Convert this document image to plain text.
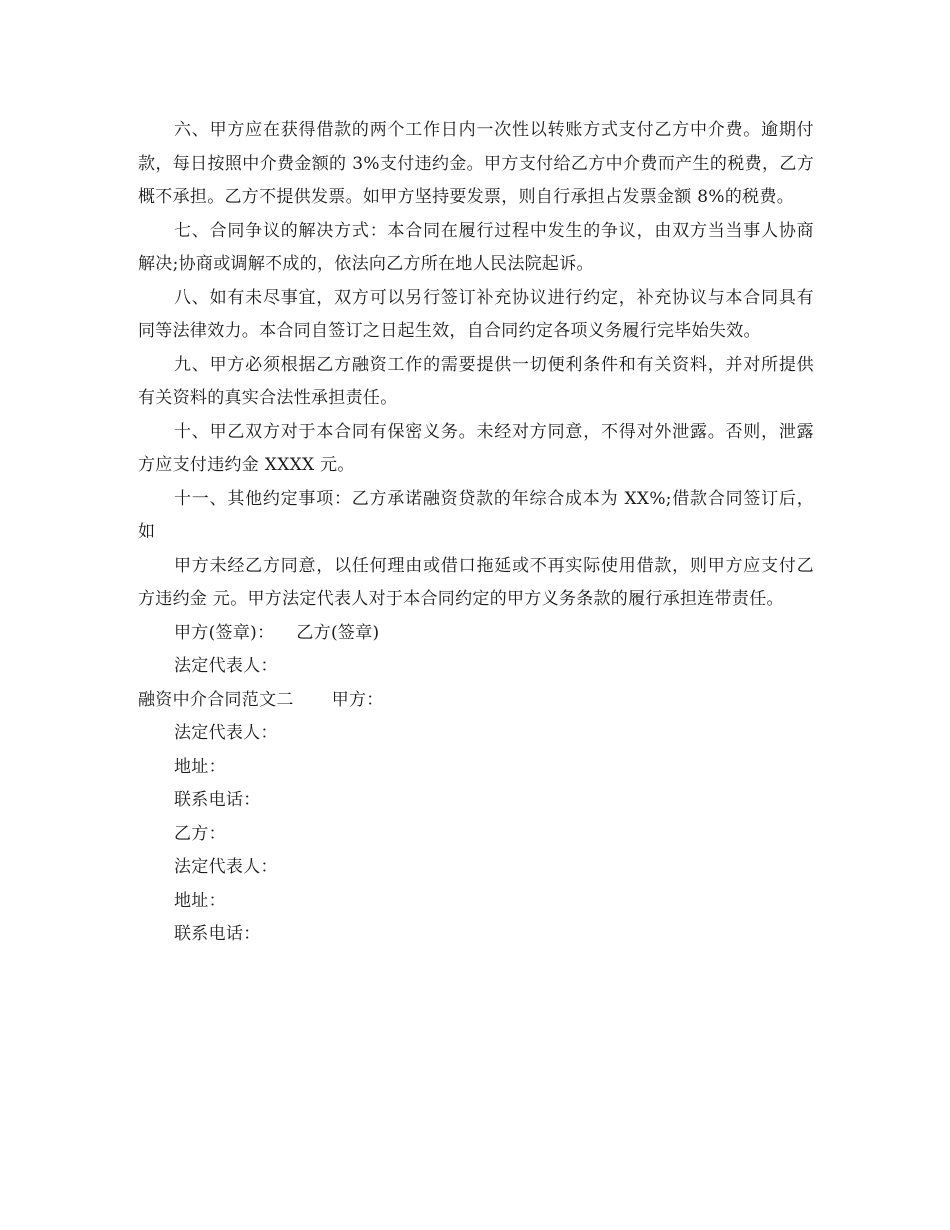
六、甲方应在获得借款的两个工作日内一次性以转账方式支付乙方中介费。逾期付款，每日按照中介费金额的 3%支付违约金。甲方支付给乙方中介费而产生的税费，乙方概不承担。乙方不提供发票。如甲方坚持要发票，则自行承担占发票金额 8%的税费。

七、合同争议的解决方式：本合同在履行过程中发生的争议，由双方当当事人协商解决;协商或调解不成的，依法向乙方所在地人民法院起诉。

八、如有未尽事宜，双方可以另行签订补充协议进行约定，补充协议与本合同具有同等法律效力。本合同自签订之日起生效，自合同约定各项义务履行完毕始失效。

九、甲方必须根据乙方融资工作的需要提供一切便利条件和有关资料，并对所提供有关资料的真实合法性承担责任。

十、甲乙双方对于本合同有保密义务。未经对方同意，不得对外泄露。否则，泄露方应支付违约金 XXXX 元。

十一、其他约定事项：乙方承诺融资贷款的年综合成本为 XX%;借款合同签订后，如

甲方未经乙方同意，以任何理由或借口拖延或不再实际使用借款，则甲方应支付乙方违约金 元。甲方法定代表人对于本合同约定的甲方义务条款的履行承担连带责任。

甲方(签章)： 乙方(签章)

法定代表人：

融资中介合同范文二 甲方：

法定代表人：

地址：

联系电话：

乙方：

法定代表人：

地址：

联系电话：
